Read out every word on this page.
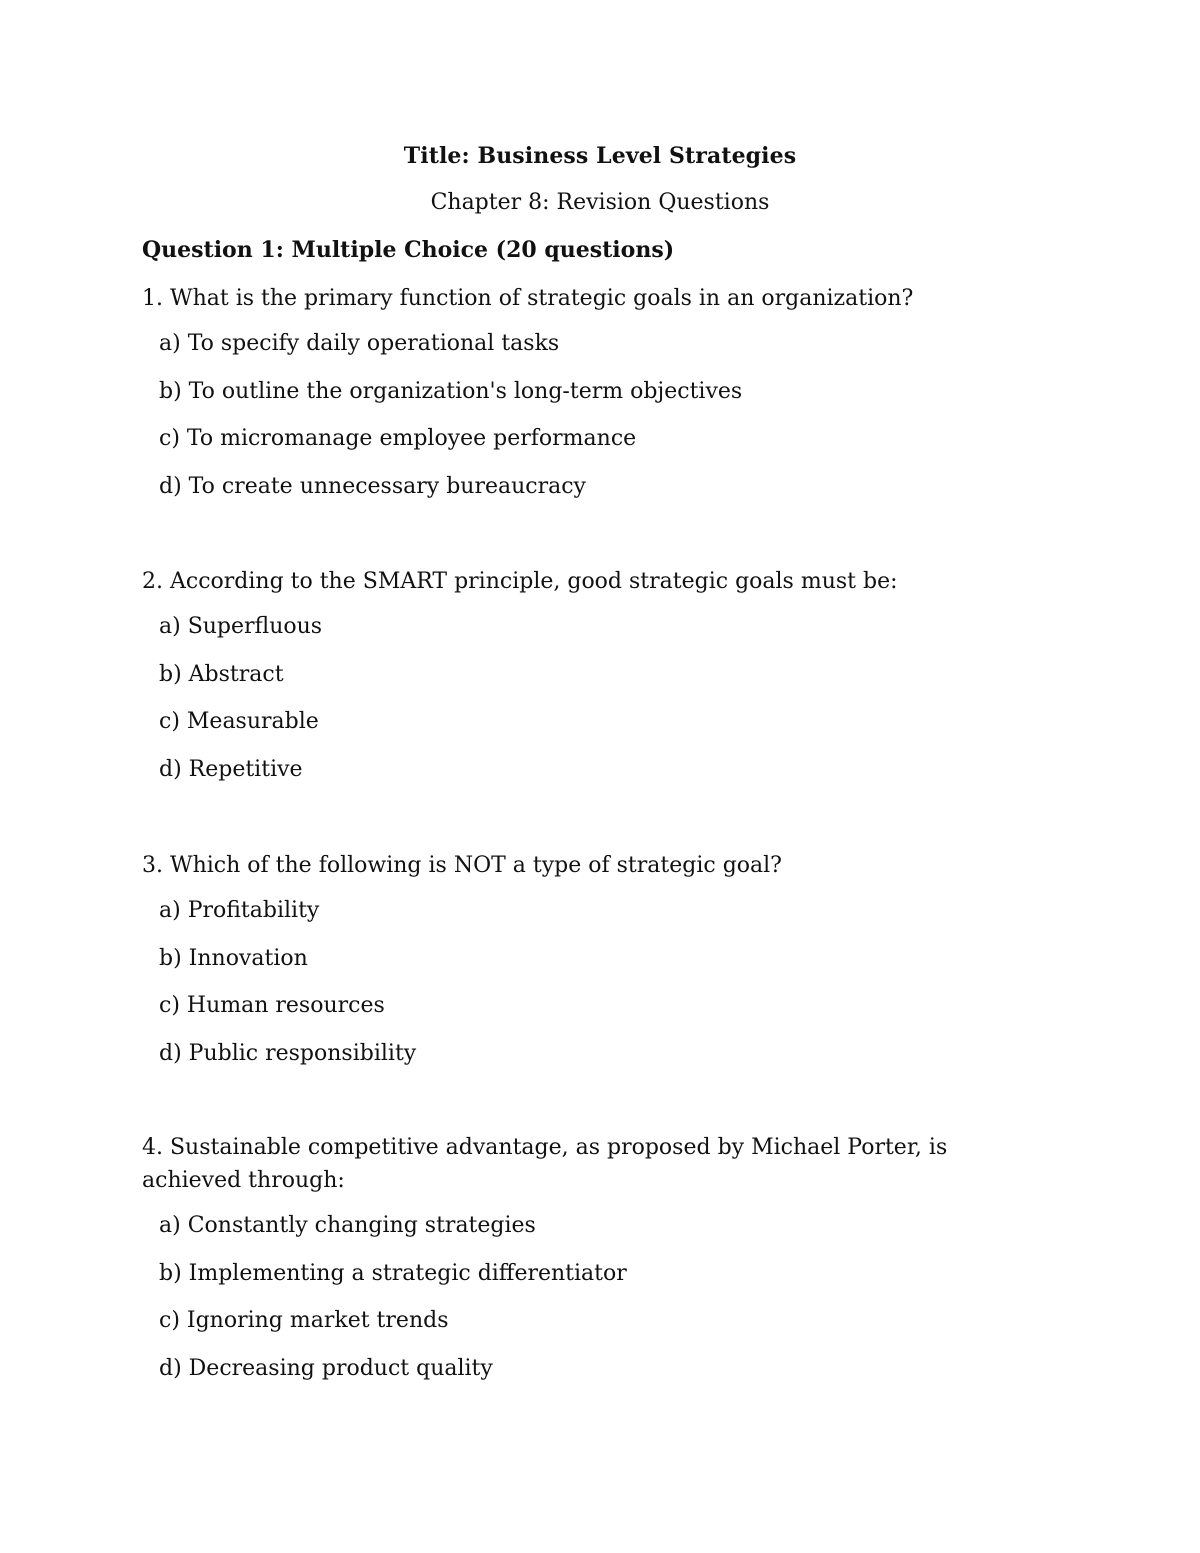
Title: Business Level Strategies
Chapter 8: Revision Questions
Question 1: Multiple Choice (20 questions)

1. What is the primary function of strategic goals in an organization?

a) To specify daily operational tasks

b) To outline the organization's long-term objectives

c) To micromanage employee performance

d) To create unnecessary bureaucracy

2. According to the SMART principle, good strategic goals must be:

a) Superfluous

b) Abstract

c) Measurable

d) Repetitive

3. Which of the following is NOT a type of strategic goal?

a) Profitability

b) Innovation

c) Human resources

d) Public responsibility

4. Sustainable competitive advantage, as proposed by Michael Porter, is achieved through:

a) Constantly changing strategies

b) Implementing a strategic differentiator

c) Ignoring market trends

d) Decreasing product quality
